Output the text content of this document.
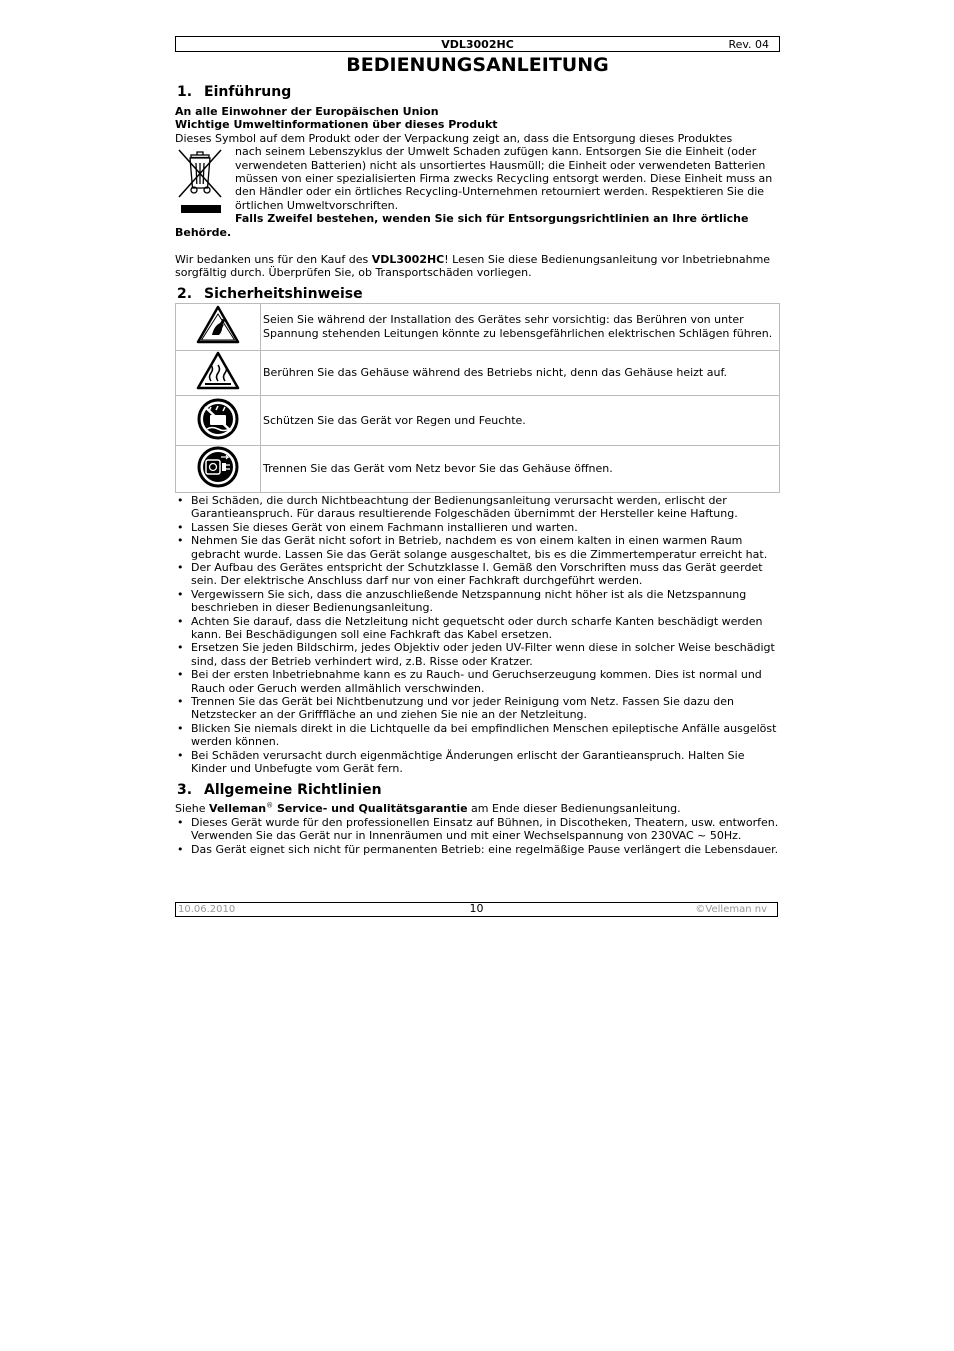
VDL3002HC	Rev. 04
BEDIENUNGSANLEITUNG
1. Einführung

An alle Einwohner der Europäischen Union

Wichtige Umweltinformationen über dieses Produkt

Dieses Symbol auf dem Produkt oder der Verpackung zeigt an, dass die Entsorgung dieses Produktes

nach seinem Lebenszyklus der Umwelt Schaden zufügen kann. Entsorgen Sie die Einheit (oder verwendeten Batterien) nicht als unsortiertes Hausmüll; die Einheit oder verwendeten Batterien müssen von einer spezialisierten Firma zwecks Recycling entsorgt werden. Diese Einheit muss an den Händler oder ein örtliches Recycling-Unternehmen retourniert werden. Respektieren Sie die örtlichen Umweltvorschriften.

Falls Zweifel bestehen, wenden Sie sich für Entsorgungsrichtlinien an Ihre örtliche

Behörde.

Wir bedanken uns für den Kauf des VDL3002HC! Lesen Sie diese Bedienungsanleitung vor Inbetriebnahme sorgfältig durch. Überprüfen Sie, ob Transportschäden vorliegen.

2. Sicherheitshinweise
	Seien Sie während der Installation des Gerätes sehr vorsichtig: das Berühren von unter Spannung stehenden Leitungen könnte zu lebensgefährlichen elektrischen Schlägen führen.
	Berühren Sie das Gehäuse während des Betriebs nicht, denn das Gehäuse heizt auf.
	Schützen Sie das Gerät vor Regen und Feuchte.
	Trennen Sie das Gerät vom Netz bevor Sie das Gehäuse öffnen.
• Bei Schäden, die durch Nichtbeachtung der Bedienungsanleitung verursacht werden, erlischt der Garantieanspruch. Für daraus resultierende Folgeschäden übernimmt der Hersteller keine Haftung.
• Lassen Sie dieses Gerät von einem Fachmann installieren und warten.
• Nehmen Sie das Gerät nicht sofort in Betrieb, nachdem es von einem kalten in einen warmen Raum gebracht wurde. Lassen Sie das Gerät solange ausgeschaltet, bis es die Zimmertemperatur erreicht hat.
• Der Aufbau des Gerätes entspricht der Schutzklasse I. Gemäß den Vorschriften muss das Gerät geerdet sein. Der elektrische Anschluss darf nur von einer Fachkraft durchgeführt werden.
• Vergewissern Sie sich, dass die anzuschließende Netzspannung nicht höher ist als die Netzspannung beschrieben in dieser Bedienungsanleitung.
• Achten Sie darauf, dass die Netzleitung nicht gequetscht oder durch scharfe Kanten beschädigt werden kann. Bei Beschädigungen soll eine Fachkraft das Kabel ersetzen.
• Ersetzen Sie jeden Bildschirm, jedes Objektiv oder jeden UV-Filter wenn diese in solcher Weise beschädigt sind, dass der Betrieb verhindert wird, z.B. Risse oder Kratzer.
• Bei der ersten Inbetriebnahme kann es zu Rauch- und Geruchserzeugung kommen. Dies ist normal und Rauch oder Geruch werden allmählich verschwinden.
• Trennen Sie das Gerät bei Nichtbenutzung und vor jeder Reinigung vom Netz. Fassen Sie dazu den Netzstecker an der Grifffläche an und ziehen Sie nie an der Netzleitung.
• Blicken Sie niemals direkt in die Lichtquelle da bei empfindlichen Menschen epileptische Anfälle ausgelöst werden können.
• Bei Schäden verursacht durch eigenmächtige Änderungen erlischt der Garantieanspruch. Halten Sie Kinder und Unbefugte vom Gerät fern.
3. Allgemeine Richtlinien

Siehe Velleman® Service- und Qualitätsgarantie am Ende dieser Bedienungsanleitung.

• Dieses Gerät wurde für den professionellen Einsatz auf Bühnen, in Discotheken, Theatern, usw. entworfen. Verwenden Sie das Gerät nur in Innenräumen und mit einer Wechselspannung von 230VAC ~ 50Hz.
• Das Gerät eignet sich nicht für permanenten Betrieb: eine regelmäßige Pause verlängert die Lebensdauer.
10.06.2010	10	©Velleman nv
